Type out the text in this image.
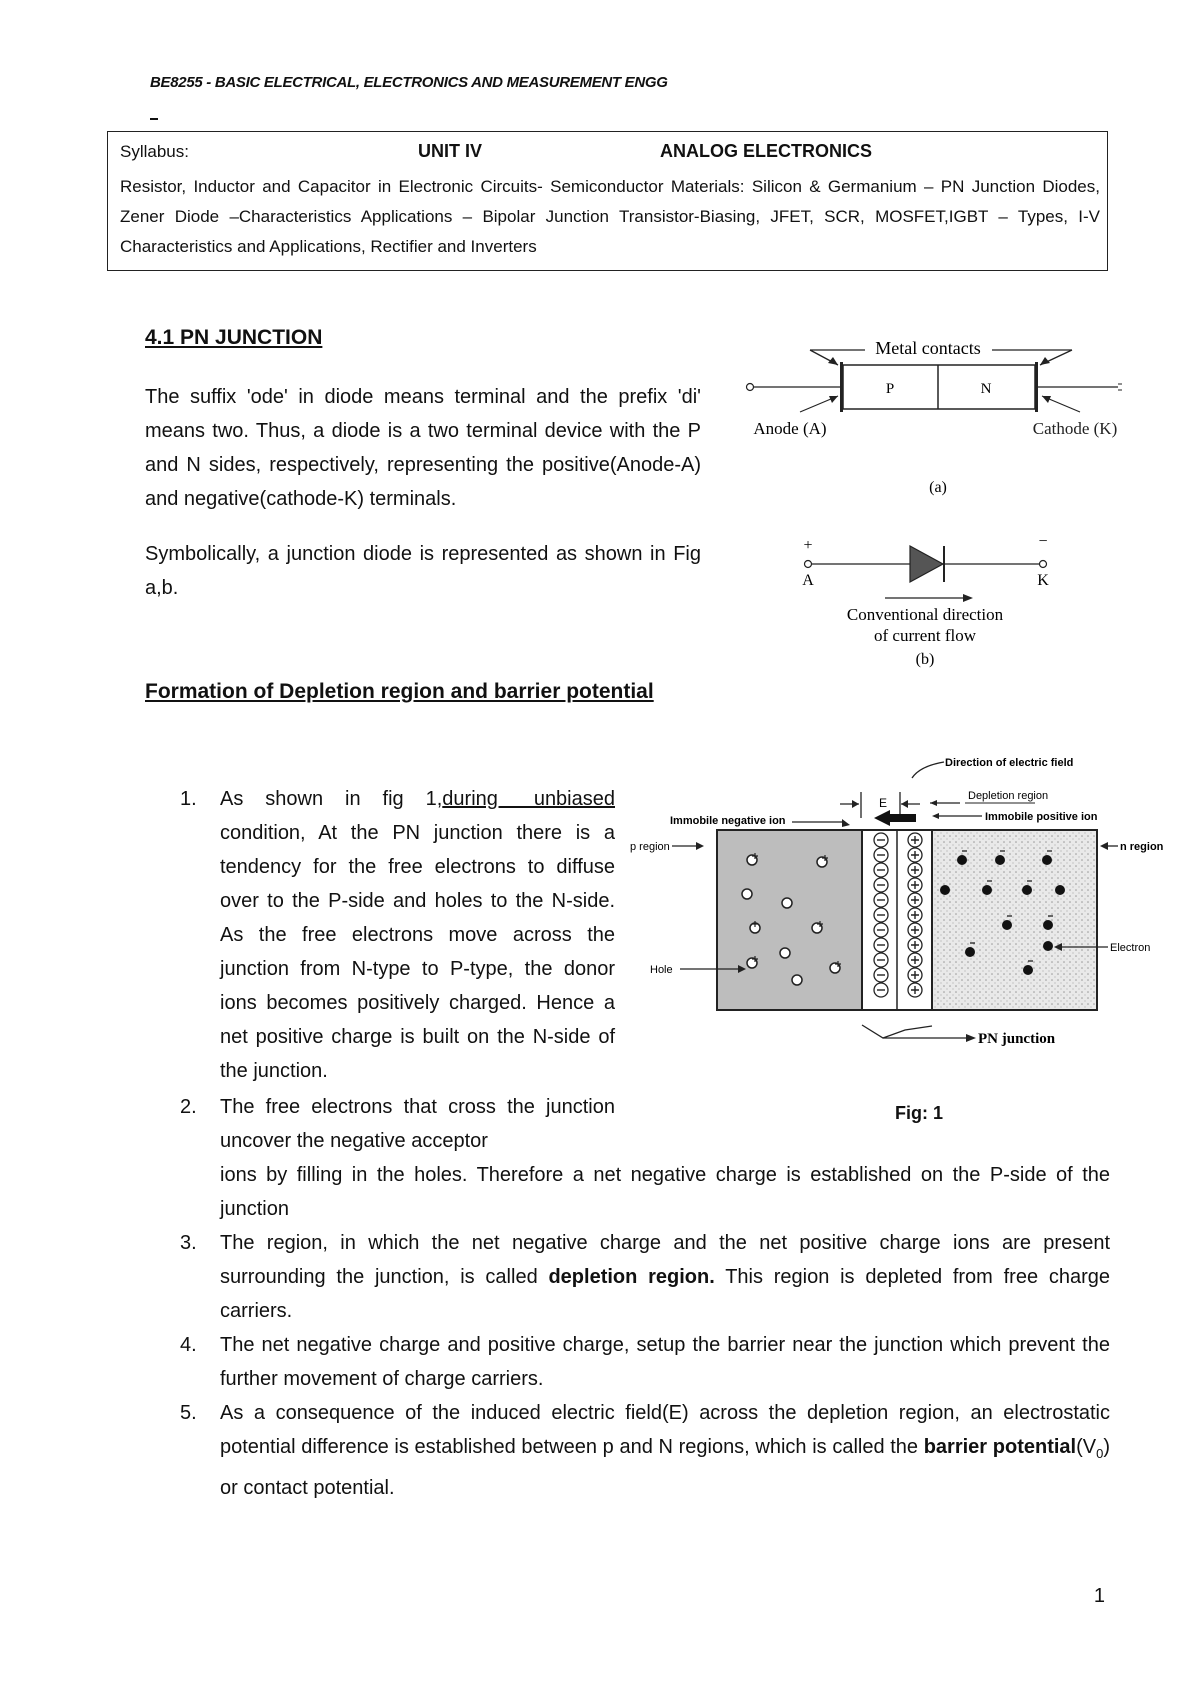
BE8255 - BASIC ELECTRICAL, ELECTRONICS AND MEASUREMENT ENGG
Syllabus:	UNIT IV	ANALOG ELECTRONICS
Resistor, Inductor and Capacitor in Electronic Circuits- Semiconductor Materials: Silicon & Germanium – PN Junction Diodes, Zener Diode –Characteristics Applications – Bipolar Junction Transistor-Biasing, JFET, SCR, MOSFET,IGBT – Types, I-V Characteristics and Applications, Rectifier and Inverters
4.1 PN JUNCTION
The suffix 'ode' in diode means terminal and the prefix 'di' means two. Thus, a diode is a two terminal device with the P and N sides, respectively, representing the positive(Anode-A) and negative(cathode-K) terminals.
Symbolically, a junction diode is represented as shown in Fig a,b.
Metal contacts
P	N
Anode (A)	Cathode (K)
(a)
+	−
A	K
Conventional direction
of current flow
(b)
Formation of Depletion region and barrier potential
1. As shown in fig 1,during unbiased condition, At the PN junction there is a tendency for the free electrons to diffuse over to the P-side and holes to the N-side. As the free electrons move across the junction from N-type to P-type, the donor ions becomes positively charged. Hence a net positive charge is built on the N-side of the junction.
2. The free electrons that cross the junction uncover the negative acceptor
ions by filling in the holes. Therefore a net negative charge is established on the P-side of the junction
3. The region, in which the net negative charge and the net positive charge ions are present surrounding the junction, is called depletion region. This region is depleted from free charge carriers.
4. The net negative charge and positive charge, setup the barrier near the junction which prevent the further movement of charge carriers.
5. As a consequence of the induced electric field(E) across the depletion region, an electrostatic potential difference is established between p and N regions, which is called the barrier $potential(V_0)$ or contact potential.
Direction of electric field
E	Depletion region
Immobile positive ion
Immobile negative ion
p region	n region
Hole
Electron
PN junction
Fig: 1
1
